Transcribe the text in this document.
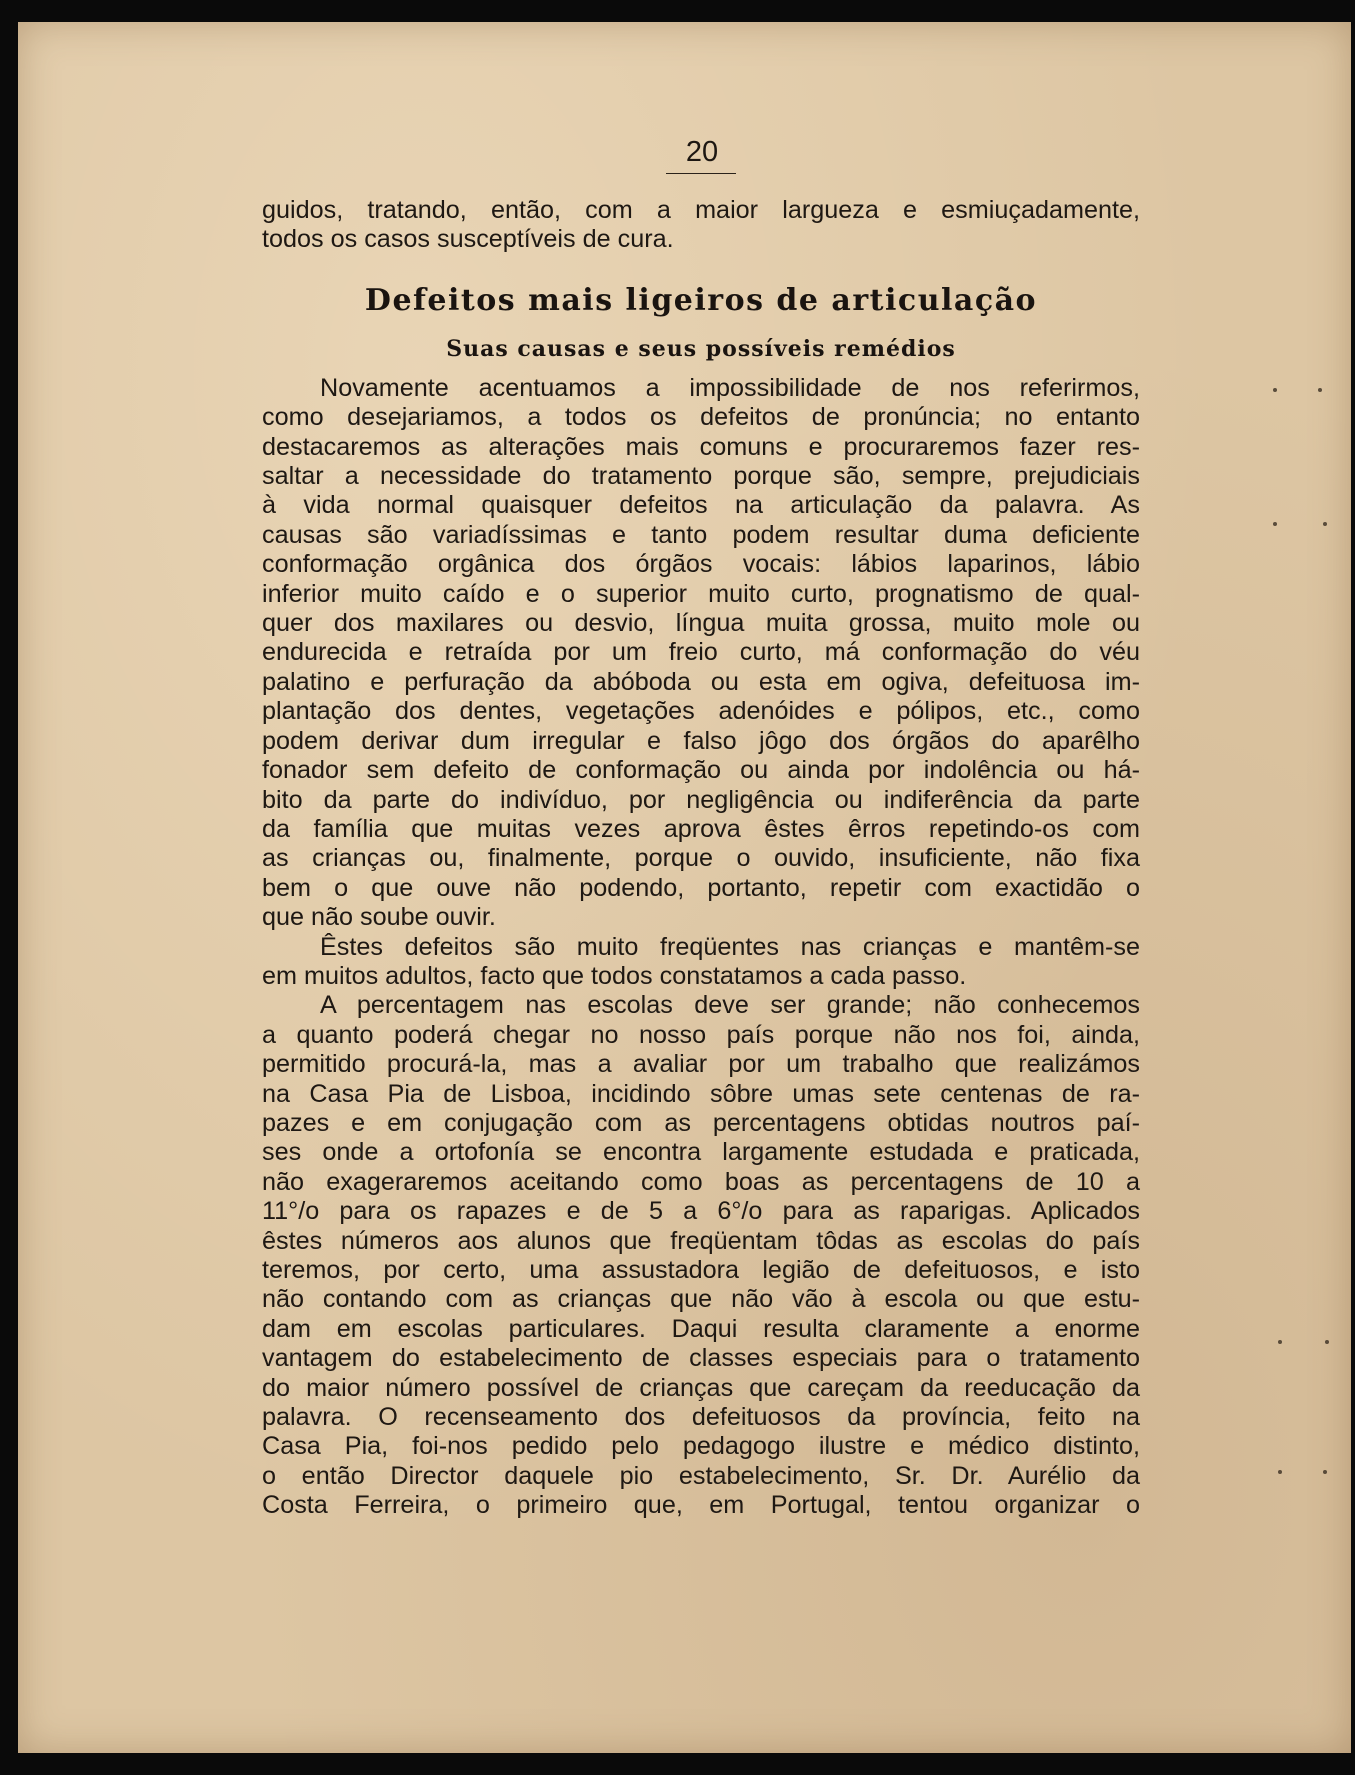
20

guidos, tratando, então, com a maior largueza e esmiuçadamente,

todos os casos susceptíveis de cura.

Defeitos mais ligeiros de articulação
Suas causas e seus possíveis remédios

Novamente acentuamos a impossibilidade de nos referirmos,

como desejariamos, a todos os defeitos de pronúncia; no entanto

destacaremos as alterações mais comuns e procuraremos fazer res-

saltar a necessidade do tratamento porque são, sempre, prejudiciais

à vida normal quaisquer defeitos na articulação da palavra. As

causas são variadíssimas e tanto podem resultar duma deficiente

conformação orgânica dos órgãos vocais: lábios laparinos, lábio

inferior muito caído e o superior muito curto, prognatismo de qual-

quer dos maxilares ou desvio, língua muita grossa, muito mole ou

endurecida e retraída por um freio curto, má conformação do véu

palatino e perfuração da abóboda ou esta em ogiva, defeituosa im-

plantação dos dentes, vegetações adenóides e pólipos, etc., como

podem derivar dum irregular e falso jôgo dos órgãos do aparêlho

fonador sem defeito de conformação ou ainda por indolência ou há-

bito da parte do indivíduo, por negligência ou indiferência da parte

da família que muitas vezes aprova êstes êrros repetindo-os com

as crianças ou, finalmente, porque o ouvido, insuficiente, não fixa

bem o que ouve não podendo, portanto, repetir com exactidão o

que não soube ouvir.

Êstes defeitos são muito freqüentes nas crianças e mantêm-se

em muitos adultos, facto que todos constatamos a cada passo.

A percentagem nas escolas deve ser grande; não conhecemos

a quanto poderá chegar no nosso país porque não nos foi, ainda,

permitido procurá-la, mas a avaliar por um trabalho que realizámos

na Casa Pia de Lisboa, incidindo sôbre umas sete centenas de ra-

pazes e em conjugação com as percentagens obtidas noutros paí-

ses onde a ortofonía se encontra largamente estudada e praticada,

não exageraremos aceitando como boas as percentagens de 10 a

11°/o para os rapazes e de 5 a 6°/o para as raparigas. Aplicados

êstes números aos alunos que freqüentam tôdas as escolas do país

teremos, por certo, uma assustadora legião de defeituosos, e isto

não contando com as crianças que não vão à escola ou que estu-

dam em escolas particulares. Daqui resulta claramente a enorme

vantagem do estabelecimento de classes especiais para o tratamento

do maior número possível de crianças que careçam da reeducação da

palavra. O recenseamento dos defeituosos da província, feito na

Casa Pia, foi-nos pedido pelo pedagogo ilustre e médico distinto,

o então Director daquele pio estabelecimento, Sr. Dr. Aurélio da

Costa Ferreira, o primeiro que, em Portugal, tentou organizar o
